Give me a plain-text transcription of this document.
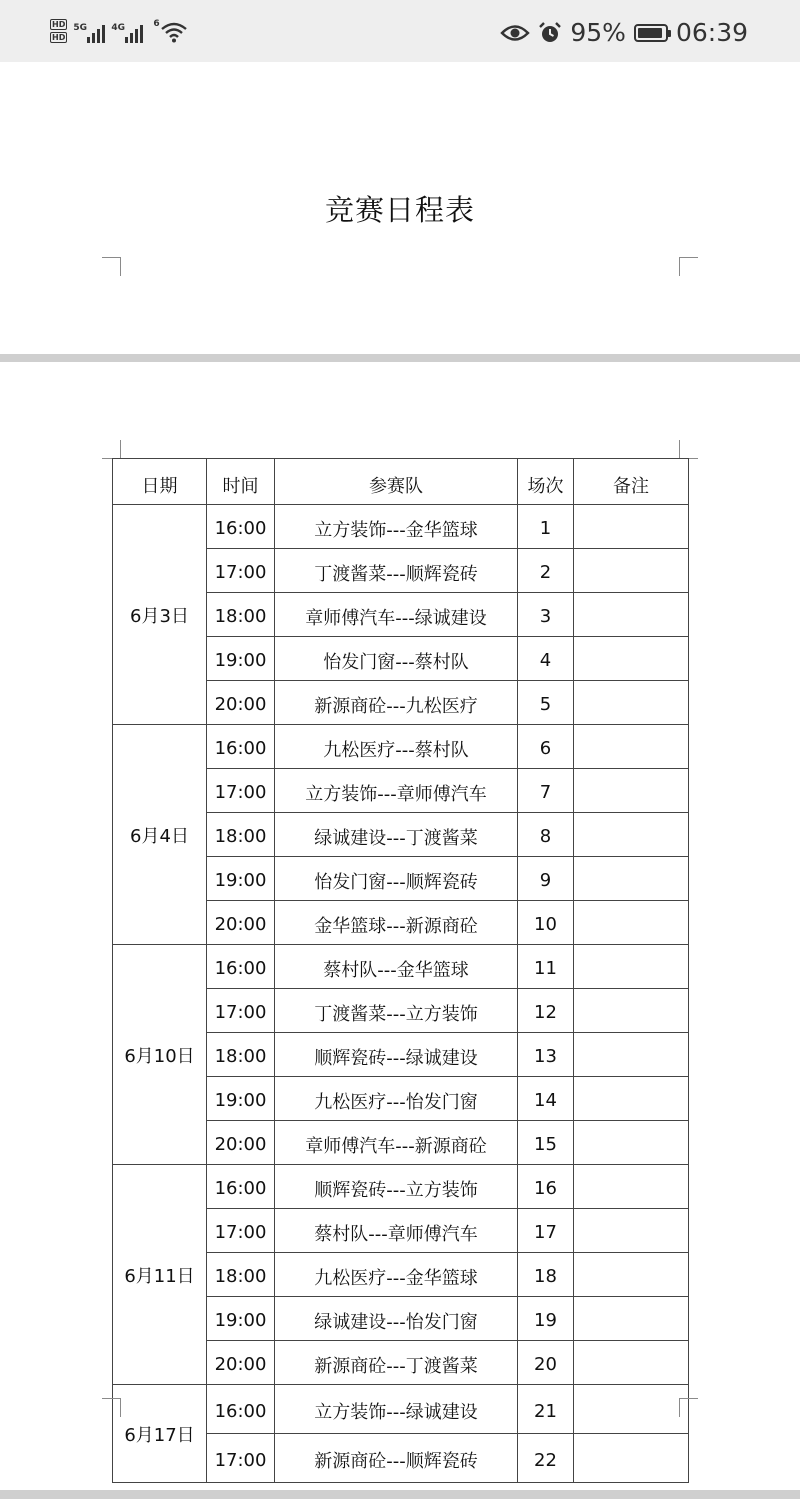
HD
HD
5G	4G	6	95% 06:39
竞赛日程表
日期	时间	参赛队	场次	备注
6月3日	16:00	立方装饰---金华篮球	1	
	17:00	丁渡酱菜---顺辉瓷砖	2	
	18:00	章师傅汽车---绿诚建设	3	
	19:00	怡发门窗---蔡村队	4	
	20:00	新源商砼---九松医疗	5	
6月4日	16:00	九松医疗---蔡村队	6	
	17:00	立方装饰---章师傅汽车	7	
	18:00	绿诚建设---丁渡酱菜	8	
	19:00	怡发门窗---顺辉瓷砖	9	
	20:00	金华篮球---新源商砼	10	
6月10日	16:00	蔡村队---金华篮球	11	
	17:00	丁渡酱菜---立方装饰	12	
	18:00	顺辉瓷砖---绿诚建设	13	
	19:00	九松医疗---怡发门窗	14	
	20:00	章师傅汽车---新源商砼	15	
6月11日	16:00	顺辉瓷砖---立方装饰	16	
	17:00	蔡村队---章师傅汽车	17	
	18:00	九松医疗---金华篮球	18	
	19:00	绿诚建设---怡发门窗	19	
	20:00	新源商砼---丁渡酱菜	20	
6月17日	16:00	立方装饰---绿诚建设	21	
	17:00	新源商砼---顺辉瓷砖	22	
